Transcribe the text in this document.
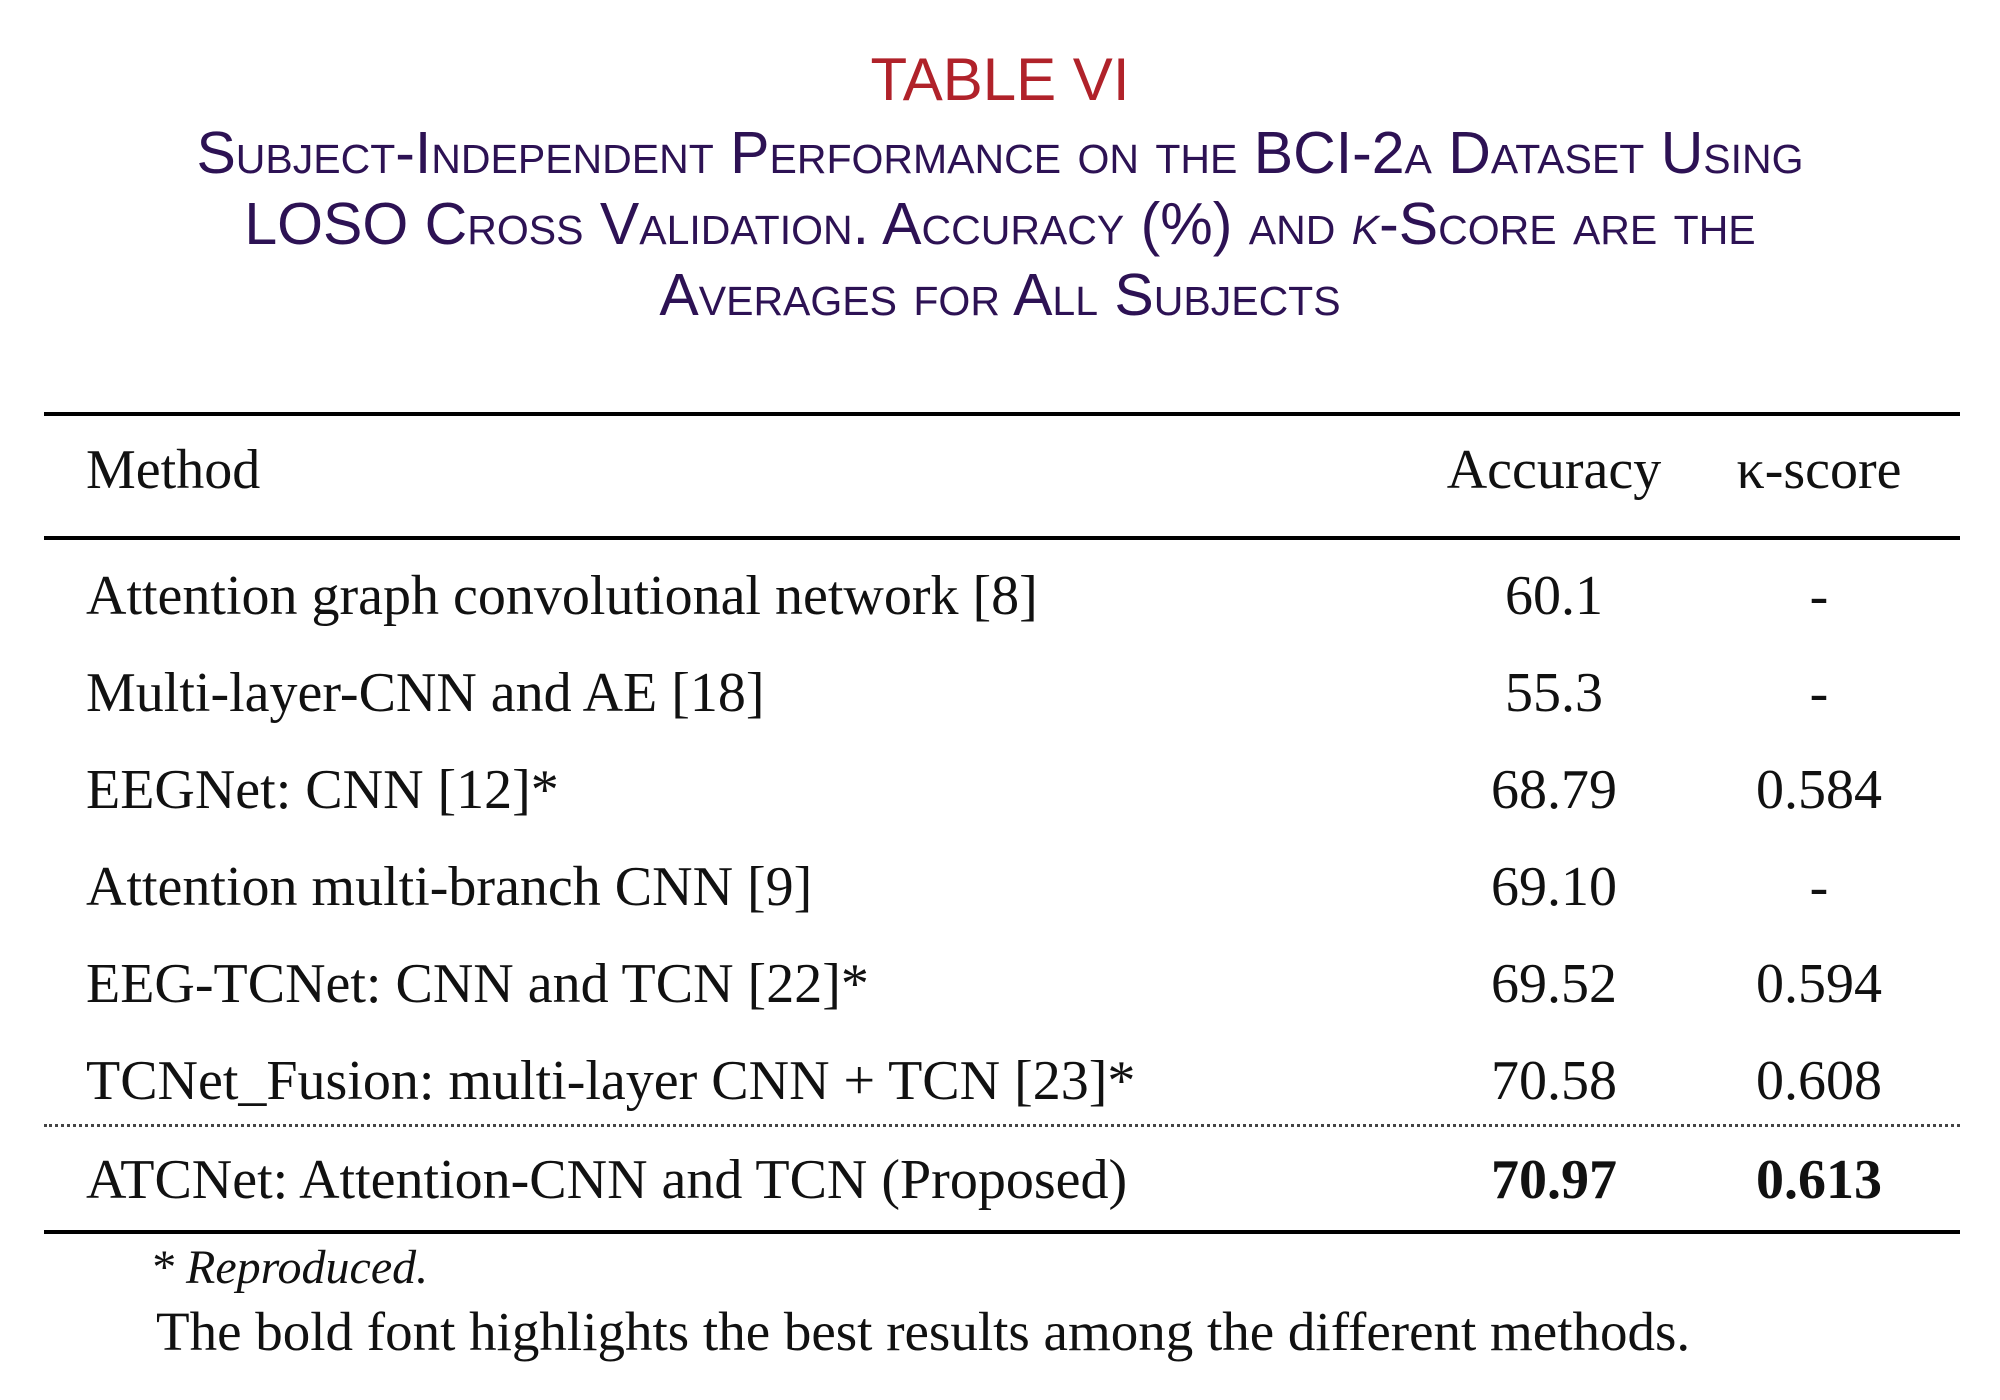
TABLE VI
Subject-Independent Performance on the BCI-2a Dataset Using
LOSO Cross Validation. Accuracy (%) and κ-Score are the
Averages for All Subjects
Method	Accuracy	κ-score
Attention graph convolutional network [8]	60.1	-
Multi-layer-CNN and AE [18]	55.3	-
EEGNet: CNN [12]*	68.79	0.584
Attention multi-branch CNN [9]	69.10	-
EEG-TCNet: CNN and TCN [22]*	69.52	0.594
TCNet_Fusion: multi-layer CNN + TCN [23]*	70.58	0.608
ATCNet: Attention-CNN and TCN (Proposed)	70.97	0.613
* Reproduced.
The bold font highlights the best results among the different methods.
